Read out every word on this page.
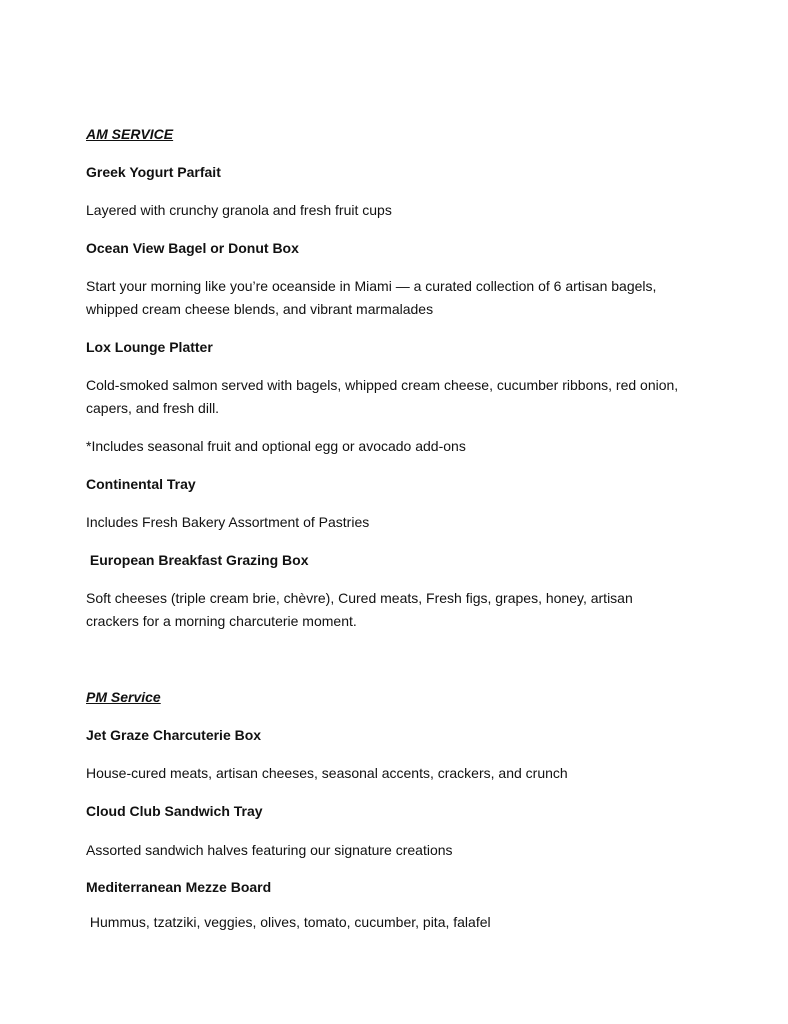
AM SERVICE

Greek Yogurt Parfait

Layered with crunchy granola and fresh fruit cups

Ocean View Bagel or Donut Box

Start your morning like you’re oceanside in Miami — a curated collection of 6 artisan bagels,

whipped cream cheese blends, and vibrant marmalades

Lox Lounge Platter

Cold-smoked salmon served with bagels, whipped cream cheese, cucumber ribbons, red onion,

capers, and fresh dill.

*Includes seasonal fruit and optional egg or avocado add-ons

Continental Tray

Includes Fresh Bakery Assortment of Pastries

European Breakfast Grazing Box

Soft cheeses (triple cream brie, chèvre), Cured meats, Fresh figs, grapes, honey, artisan

crackers for a morning charcuterie moment.

PM Service

Jet Graze Charcuterie Box

House-cured meats, artisan cheeses, seasonal accents, crackers, and crunch

Cloud Club Sandwich Tray

Assorted sandwich halves featuring our signature creations

Mediterranean Mezze Board

Hummus, tzatziki, veggies, olives, tomato, cucumber, pita, falafel
